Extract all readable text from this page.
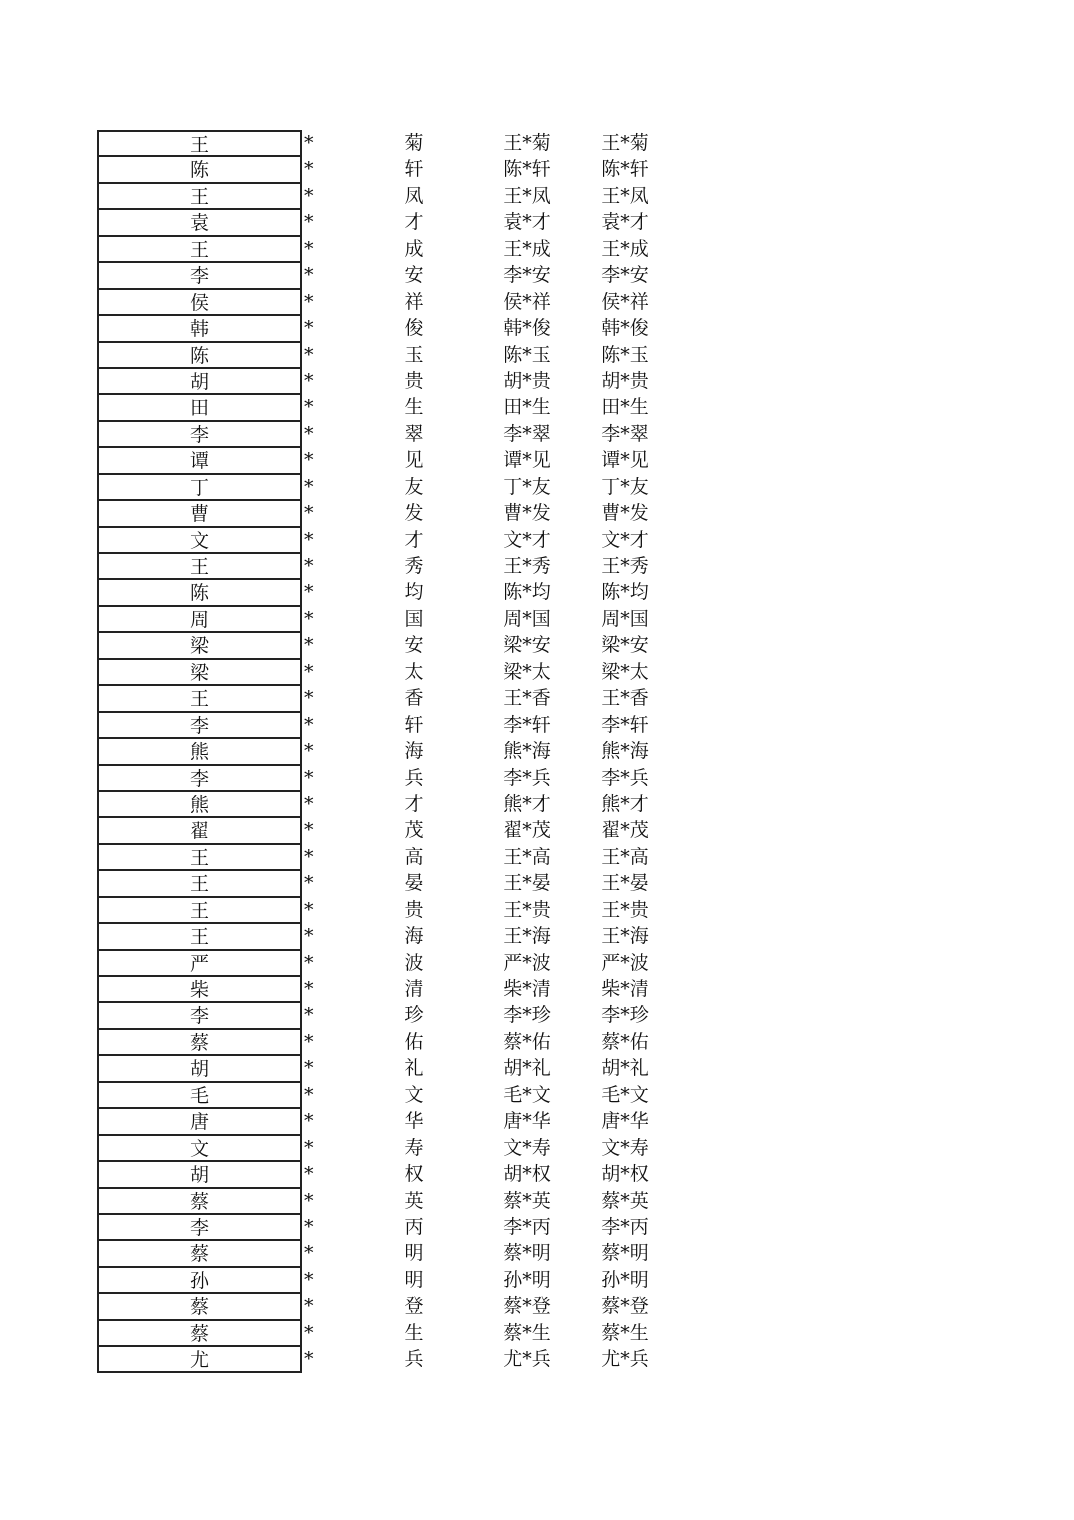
王	*	菊	王*菊	王*菊
陈	*	轩	陈*轩	陈*轩
王	*	凤	王*凤	王*凤
袁	*	才	袁*才	袁*才
王	*	成	王*成	王*成
李	*	安	李*安	李*安
侯	*	祥	侯*祥	侯*祥
韩	*	俊	韩*俊	韩*俊
陈	*	玉	陈*玉	陈*玉
胡	*	贵	胡*贵	胡*贵
田	*	生	田*生	田*生
李	*	翠	李*翠	李*翠
谭	*	见	谭*见	谭*见
丁	*	友	丁*友	丁*友
曹	*	发	曹*发	曹*发
文	*	才	文*才	文*才
王	*	秀	王*秀	王*秀
陈	*	均	陈*均	陈*均
周	*	国	周*国	周*国
梁	*	安	梁*安	梁*安
梁	*	太	梁*太	梁*太
王	*	香	王*香	王*香
李	*	轩	李*轩	李*轩
熊	*	海	熊*海	熊*海
李	*	兵	李*兵	李*兵
熊	*	才	熊*才	熊*才
翟	*	茂	翟*茂	翟*茂
王	*	高	王*高	王*高
王	*	晏	王*晏	王*晏
王	*	贵	王*贵	王*贵
王	*	海	王*海	王*海
严	*	波	严*波	严*波
柴	*	清	柴*清	柴*清
李	*	珍	李*珍	李*珍
蔡	*	佑	蔡*佑	蔡*佑
胡	*	礼	胡*礼	胡*礼
毛	*	文	毛*文	毛*文
唐	*	华	唐*华	唐*华
文	*	寿	文*寿	文*寿
胡	*	权	胡*权	胡*权
蔡	*	英	蔡*英	蔡*英
李	*	丙	李*丙	李*丙
蔡	*	明	蔡*明	蔡*明
孙	*	明	孙*明	孙*明
蔡	*	登	蔡*登	蔡*登
蔡	*	生	蔡*生	蔡*生
尤	*	兵	尤*兵	尤*兵
